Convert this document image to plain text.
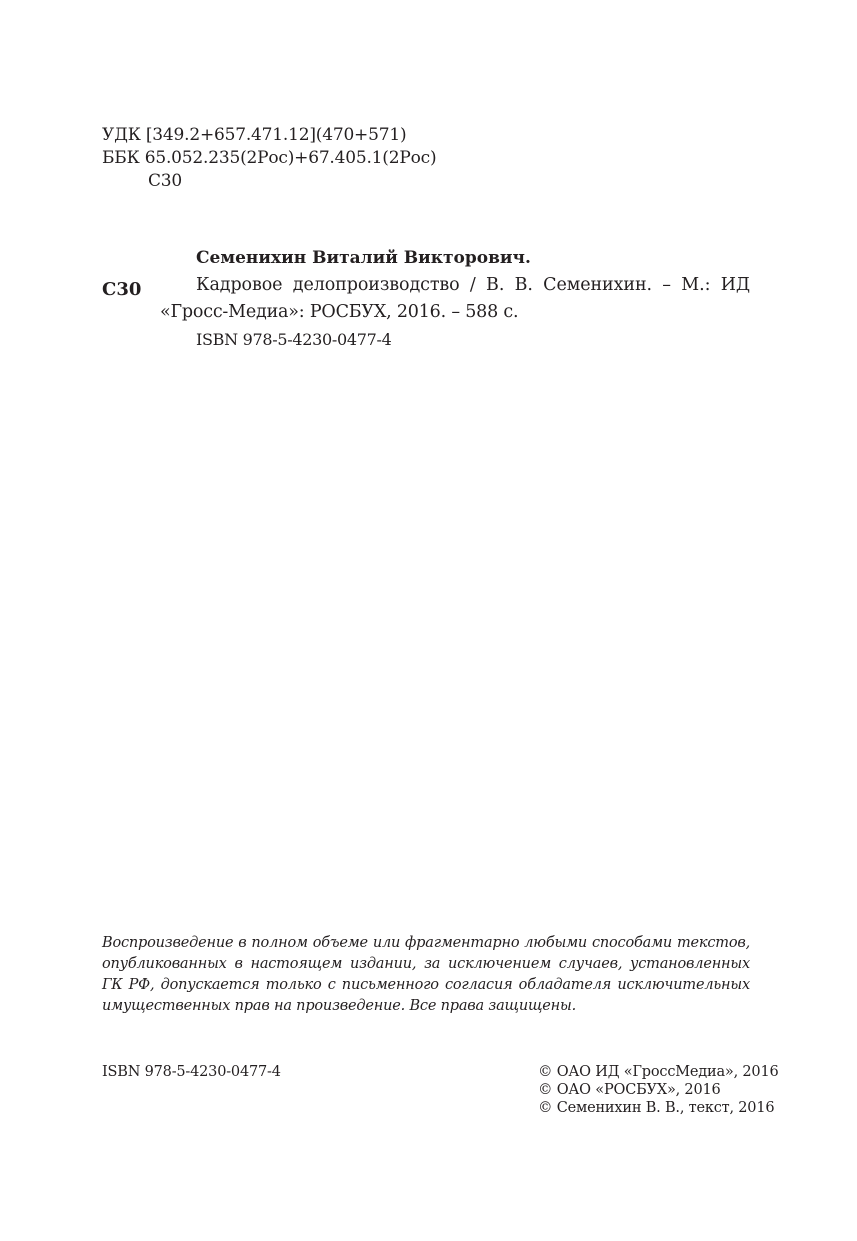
УДК [349.2+657.471.12](470+571)
ББК 65.052.235(2Рос)+67.405.1(2Рос)
С30
С30
Семенихин Виталий Викторович.
Кадровое делопроизводство / В. В. Семенихин. – М.: ИД
«Гросс-Медиа»: РОСБУХ, 2016. – 588 с.
ISBN 978-5-4230-0477-4
Воспроизведение в полном объеме или фрагментарно любыми способами текстов, опубликованных в настоящем издании, за исключением случаев, установленных ГК РФ, допускается только с письменного согласия обладателя исключительных имущественных прав на произведение. Все права защищены.
ISBN 978-5-4230-0477-4	© ОАО ИД «ГроссМедиа», 2016
© ОАО «РОСБУХ», 2016
© Семенихин В. В., текст, 2016
